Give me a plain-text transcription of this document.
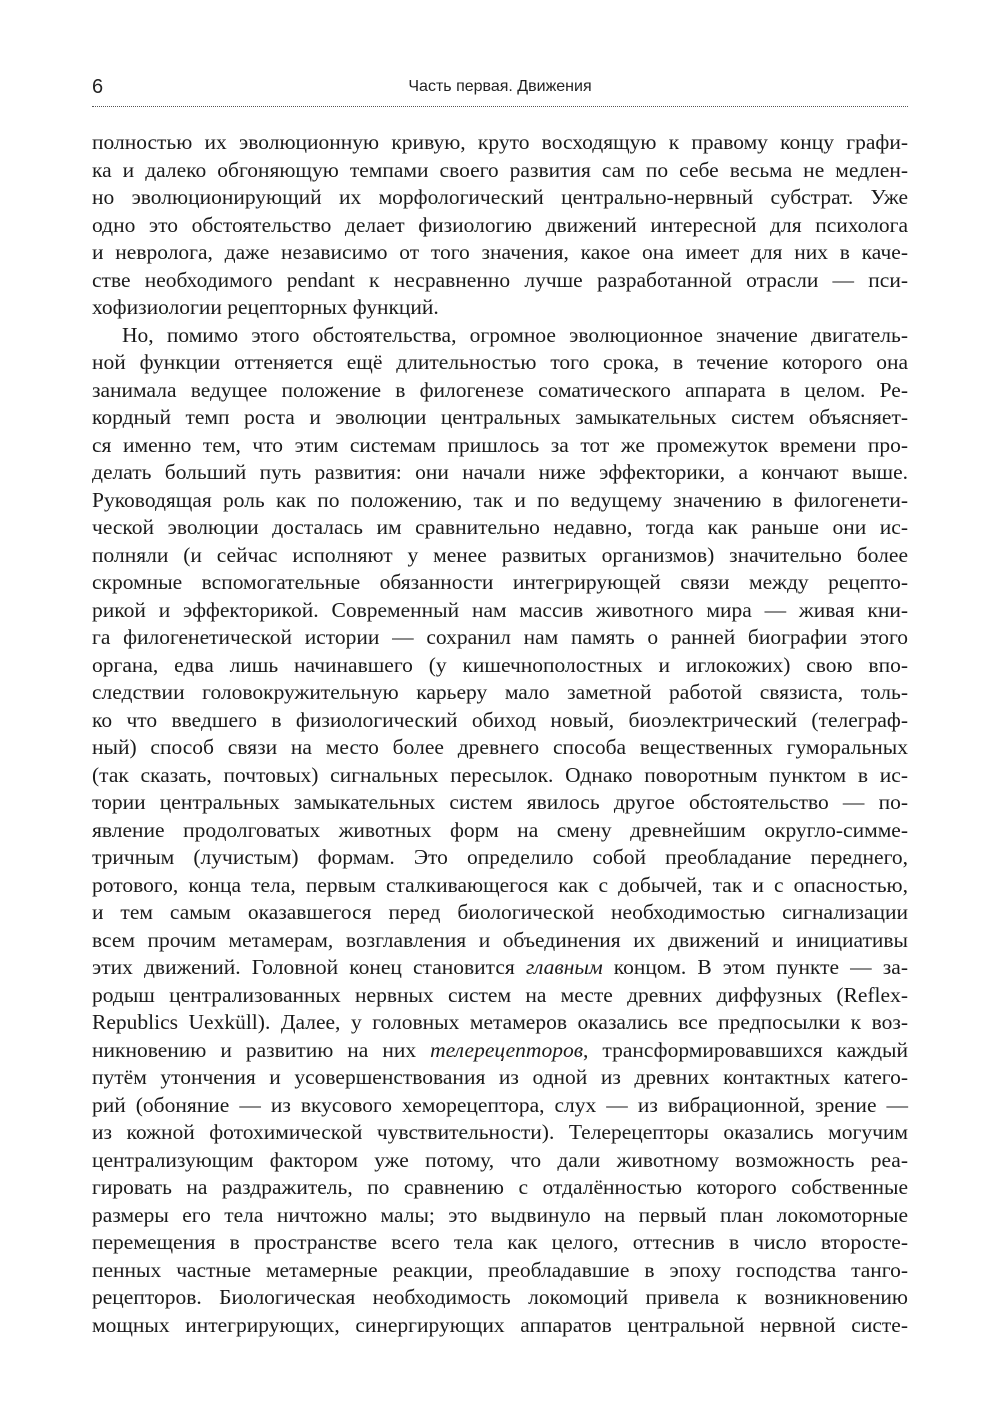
6	Часть первая. Движения
полностью их эволюционную кривую, круто восходящую к правому концу графи-
ка и далеко обгоняющую темпами своего развития сам по себе весьма не медлен-
но эволюционирующий их морфологический центрально-нервный субстрат. Уже
одно это обстоятельство делает физиологию движений интересной для психолога
и невролога, даже независимо от того значения, какое она имеет для них в каче-
стве необходимого pendant к несравненно лучше разработанной отрасли — пси-
хофизиологии рецепторных функций.
Но, помимо этого обстоятельства, огромное эволюционное значение двигатель-
ной функции оттеняется ещё длительностью того срока, в течение которого она
занимала ведущее положение в филогенезе соматического аппарата в целом. Ре-
кордный темп роста и эволюции центральных замыкательных систем объясняет-
ся именно тем, что этим системам пришлось за тот же промежуток времени про-
делать больший путь развития: они начали ниже эффекторики, а кончают выше.
Руководящая роль как по положению, так и по ведущему значению в филогенети-
ческой эволюции досталась им сравнительно недавно, тогда как раньше они ис-
полняли (и сейчас исполняют у менее развитых организмов) значительно более
скромные вспомогательные обязанности интегрирующей связи между рецепто-
рикой и эффекторикой. Современный нам массив животного мира — живая кни-
га филогенетической истории — сохранил нам память о ранней биографии этого
органа, едва лишь начинавшего (у кишечнополостных и иглокожих) свою впо-
следствии головокружительную карьеру мало заметной работой связиста, толь-
ко что введшего в физиологический обиход новый, биоэлектрический (телеграф-
ный) способ связи на место более древнего способа вещественных гуморальных
(так сказать, почтовых) сигнальных пересылок. Однако поворотным пунктом в ис-
тории центральных замыкательных систем явилось другое обстоятельство — по-
явление продолговатых животных форм на смену древнейшим округло-симме-
тричным (лучистым) формам. Это определило собой преобладание переднего,
ротового, конца тела, первым сталкивающегося как с добычей, так и с опасностью,
и тем самым оказавшегося перед биологической необходимостью сигнализации
всем прочим метамерам, возглавления и объединения их движений и инициативы
этих движений. Головной конец становится главным концом. В этом пункте — за-
родыш централизованных нервных систем на месте древних диффузных (Reflex-
Republics Uexküll). Далее, у головных метамеров оказались все предпосылки к воз-
никновению и развитию на них телерецепторов, трансформировавшихся каждый
путём утончения и усовершенствования из одной из древних контактных катего-
рий (обоняние — из вкусового хеморецептора, слух — из вибрационной, зрение —
из кожной фотохимической чувствительности). Телерецепторы оказались могучим
централизующим фактором уже потому, что дали животному возможность реа-
гировать на раздражитель, по сравнению с отдалённостью которого собственные
размеры его тела ничтожно малы; это выдвинуло на первый план локомоторные
перемещения в пространстве всего тела как целого, оттеснив в число второсте-
пенных частные метамерные реакции, преобладавшие в эпоху господства танго-
рецепторов. Биологическая необходимость локомоций привела к возникновению
мощных интегрирующих, синергирующих аппаратов центральной нервной систе-
